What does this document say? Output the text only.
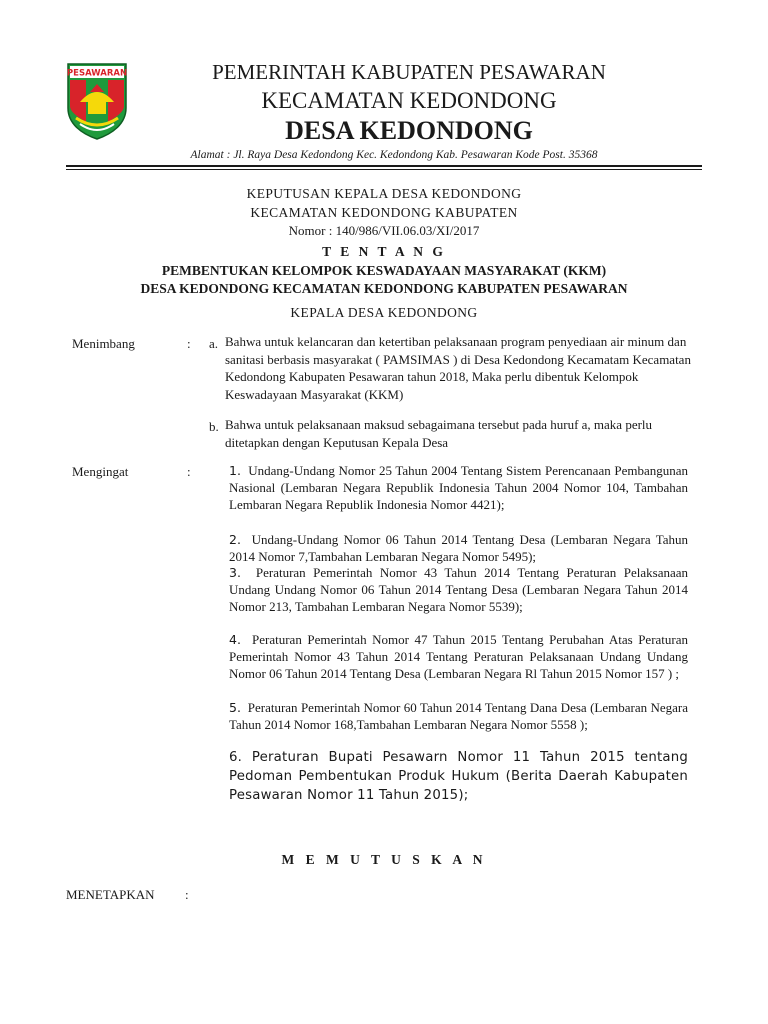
PESAWARAN	PEMERINTAH KABUPATEN PESAWARAN
KECAMATAN KEDONDONG
DESA KEDONDONG
Alamat : Jl. Raya Desa Kedondong Kec. Kedondong Kab. Pesawaran Kode Post. 35368
KEPUTUSAN KEPALA DESA KEDONDONG
KECAMATAN KEDONDONG KABUPATEN
Nomor : 140/986/VII.06.03/XI/2017
T E N T A N G
PEMBENTUKAN KELOMPOK KESWADAYAAN MASYARAKAT (KKM)
DESA KEDONDONG KECAMATAN KEDONDONG KABUPATEN PESAWARAN
KEPALA DESA KEDONDONG
Menimbang	: a. Bahwa untuk kelancaran dan ketertiban pelaksanaan program penyediaan air minum dan sanitasi berbasis masyarakat ( PAMSIMAS ) di Desa Kedondong Kecamatam Kecamatan Kedondong Kabupaten Pesawaran tahun 2018, Maka perlu dibentuk Kelompok Keswadayaan Masyarakat (KKM)
b. Bahwa untuk pelaksanaan maksud sebagaimana tersebut pada huruf a, maka perlu ditetapkan dengan Keputusan Kepala Desa
Mengingat	:	1. Undang-Undang Nomor 25 Tahun 2004 Tentang Sistem Perencanaan Pembangunan Nasional (Lembaran Negara Republik Indonesia Tahun 2004 Nomor 104, Tambahan Lembaran Negara Republik Indonesia Nomor 4421);
2. Undang-Undang Nomor 06 Tahun 2014 Tentang Desa (Lembaran Negara Tahun 2014 Nomor 7,Tambahan Lembaran Negara Nomor 5495);
3. Peraturan Pemerintah Nomor 43 Tahun 2014 Tentang Peraturan Pelaksanaan Undang Undang Nomor 06 Tahun 2014 Tentang Desa (Lembaran Negara Tahun 2014 Nomor 213, Tambahan Lembaran Negara Nomor 5539);
4. Peraturan Pemerintah Nomor 47 Tahun 2015 Tentang Perubahan Atas Peraturan Pemerintah Nomor 43 Tahun 2014 Tentang Peraturan Pelaksanaan Undang Undang Nomor 06 Tahun 2014 Tentang Desa (Lembaran Negara Rl Tahun 2015 Nomor 157 ) ;
5. Peraturan Pemerintah Nomor 60 Tahun 2014 Tentang Dana Desa (Lembaran Negara Tahun 2014 Nomor 168,Tambahan Lembaran Negara Nomor 5558 );
6. Peraturan Bupati Pesawarn Nomor 11 Tahun 2015 tentang Pedoman Pembentukan Produk Hukum (Berita Daerah Kabupaten Pesawaran Nomor 11 Tahun 2015);
M E M U T U S K A N
MENETAPKAN :
